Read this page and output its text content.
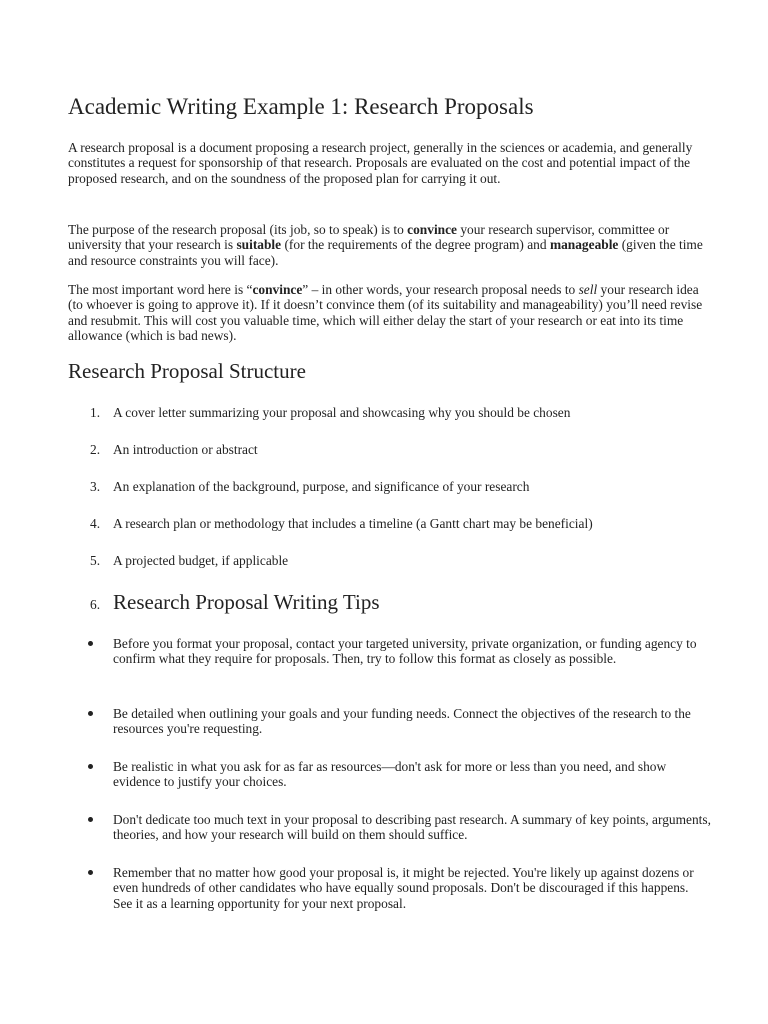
Academic Writing Example 1: Research Proposals

A research proposal is a document proposing a research project, generally in the sciences or academia, and generally constitutes a request for sponsorship of that research. Proposals are evaluated on the cost and potential impact of the proposed research, and on the soundness of the proposed plan for carrying it out.

The purpose of the research proposal (its job, so to speak) is to convince your research supervisor, committee or university that your research is suitable (for the requirements of the degree program) and manageable (given the time and resource constraints you will face).

The most important word here is “convince” – in other words, your research proposal needs to sell your research idea (to whoever is going to approve it). If it doesn’t convince them (of its suitability and manageability) you’ll need revise and resubmit. This will cost you valuable time, which will either delay the start of your research or eat into its time allowance (which is bad news).

Research Proposal Structure
1. A cover letter summarizing your proposal and showcasing why you should be chosen
2. An introduction or abstract
3. An explanation of the background, purpose, and significance of your research
4. A research plan or methodology that includes a timeline (a Gantt chart may be beneficial)
5. A projected budget, if applicable
6. Research Proposal Writing Tips
Before you format your proposal, contact your targeted university, private organization, or funding agency to confirm what they require for proposals. Then, try to follow this format as closely as possible.
Be detailed when outlining your goals and your funding needs. Connect the objectives of the research to the resources you're requesting.
Be realistic in what you ask for as far as resources—don't ask for more or less than you need, and show evidence to justify your choices.
Don't dedicate too much text in your proposal to describing past research. A summary of key points, arguments, theories, and how your research will build on them should suffice.
Remember that no matter how good your proposal is, it might be rejected. You're likely up against dozens or even hundreds of other candidates who have equally sound proposals. Don't be discouraged if this happens. See it as a learning opportunity for your next proposal.
